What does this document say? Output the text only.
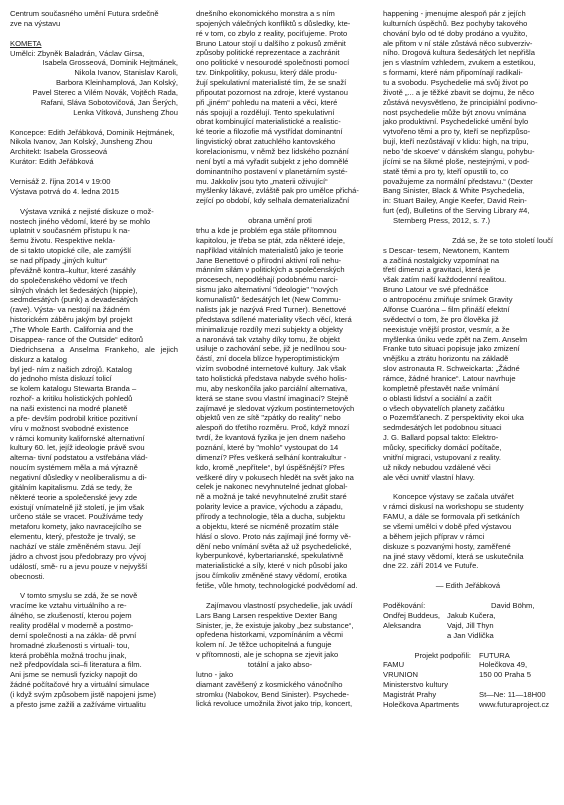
Centrum současného umění Futura srdečně

zve na výstavu

KOMETA

Umělci: Zbyněk Baladrán, Václav Girsa,

Isabela Grosseová, Dominik Hejtmánek,

Nikola Ivanov, Stanislav Karoli,

Barbora Kleinhamplová, Jan Kolský,

Pavel Sterec a Vilém Novák, Vojtěch Rada,

Rafani, Sláva Sobotovičová, Jan Šerých,

Lenka Vítková, Junsheng Zhou

Koncepce: Edith Jeřábková, Dominik Hejtmánek,

Nikola Ivanov, Jan Kolský, Junsheng Zhou

Architekt: Isabela Grosseová

Kurátor: Edith Jeřábková

Vernisáž 2. října 2014 v 19:00

Výstava potrvá do 4. ledna 2015

Výstava vzniká z nejisté diskuze o mož-

nostech jiného vědomí, které by se mohlo

uplatnit v současném přístupu k na-

šemu životu. Respektive nekla-

de si takto utopické cíle, ale zamýšlí

se nad případy „jiných kultur“

převážně kontra–kultur, které zasáhly

do společenského vědomí ve třech

silných vlnách let šedesátých (hippie),

sedmdesátých (punk) a devadesátých

(rave). Výsta- va nestojí na žádném

historickém záběru jakým byl projekt

„The Whole Earth. California and the

Disappea- rance of the Outside“ editorů

Diedrichsena a Anselma Frankeho, ale jejich diskurz a katalog

byl jed- ním z našich zdrojů. Katalog

do jednoho místa diskuzí tolicí

se kolem katalogu Stewarta Branda –

rozhoř- a kritiku holistických pohledů

na naši existenci na modré planetě

a pře- devším podrobil kritice pozitivní

víru v možnost svobodné existence

v rámci komunity kalifornské alternativní

kultury 60. let, jejíž ideologie právě svou

alterna- tivní podstatou a vstřebána vlád-

noucím systémem měla a má výrazně

negativní důsledky v neoliberalismu a di-

gitálním kapitalismu. Zdá se tedy, že

některé teorie a společenské jevy zde

existují vnímatelně již století, je jim však

určeno stále se vracet. Používáme tedy

metaforu komety, jako navracejícího se

elementu, který, přestože je trvalý, se

nachází ve stále změněném stavu. Její

jádro a chvost jsou předobrazy pro vývoj

událostí, smě- ru a jevu pouze v nejvyšší

obecnosti.

V tomto smyslu se zdá, že se nově

vracíme ke vztahu virtuálního a re-

álného, se zkušeností, kterou pojem

reality prodělal v moderně a postmo-

derní společnosti a na zákla- dě první

hromadné zkušenosti s virtuali- tou,

která proběhla možná trochu jinak,

než předpovídala sci–fi literatura a film.

Ani jsme se nemusli fyzicky napojit do

žádné počítačové hry a virtuální simulace

(i když svým způsobem jistě napojeni jsme)

a přesto jsme zažili a zažíváme virtualitu

dnešního ekonomického monstra a s ním

spojených válečných konfliktů s důsledky, kte-

ré v tom, co zbylo z reality, pociťujeme. Proto

Bruno Latour stojí u dalšího z pokusů změnit

způsoby politické reprezentace a zachránit

ono politické v nesourodé společnosti pomocí

tzv. Dinkpolitiky, pokusu, který dále produ-

žují spekulativní materialisté tím, že se snaží

připoutat pozornost na zdroje, které vystanou

při „jiném“ pohledu na materii a věci, které

nás spojují a rozdělují. Tento spekulativní

obrat kombinující materialistické a realistic-

ké teorie a filozofie má vystřídat dominantní

lingvistický obrat zatuchlého kantovského

korelacionismu, v němž bez lidského poznání

není bytí a má vyřadit subjekt z jeho domnělé

dominantního postavení v planetárním systé-

mu. Jakkoliv jsou tyto „materii oživující“

myšlenky lákavé, zvláště pak pro umělce přichá-

zející po období, kdy selhala dematerializační

obrana umění proti

trhu a kde je problém ega stále přítomnou

kapitolou, je třeba se ptát, zda některé ideje,

například vitálních materialistů jako je teorie

Jane Benettové o přírodní aktivní roli nehu-

mánním silám v politických a společenských

procesech, nepodléhají podobnému narci-

sismu jako alternativní "ideologie" "nových

komunalistů" šedesátých let (New Commu-

nalists jak je nazývá Fred Turner). Benettové

představa sdílené materiality všech věcí, která

minimalizuje rozdíly mezi subjekty a objekty

a naronává tak vztahy díky tomu, že objekt

usiluje o zachování sebe, již je nedílnou sou-

částí, zní docela blízce hyperoptimistickým

vizím svobodné internetové kultury. Jak však

tato holistická představa nabyde svého holis-

mu, aby neskončila jako parciální alternativa,

která se stane svou vlastní imaginací? Stejně

zajímavé je sledovat výzkum postinternetových

objektů ven ze sítě "zpátky do reality" nebo

alespoň do třetího rozměru. Proč, když mnozí

tvrdí, že kvantová fyzika je jen dnem našeho

poznání, které by "mohlo" vystoupat do 14

dimenzí? Přes veškerá selhání kontrakultur -

kdo, kromě „nepřítele“, byl úspěšnější? Přes

veškeré díry v pokusech hledět na svět jako na

celek je nakonec nevyhnutelné jednat global-

ně a možná je také nevyhnutelné zrušit staré

polarity levice a pravice, východu a západu,

přírody a technologie, těla a ducha, subjektu

a objektu, které se nicméně prozatím stále

hlásí o slovo. Proto nás zajímají jiné formy vě-

dění nebo vnímání světa až už psychedelické,

kyberpunkové, kybertarianské, spekulativně

materialistické a síly, které v nich působí jako

jsou čímkoliv změněné stavy vědomí, erotika

fetiše, vůle hmoty, technologické podvědomí ad.

Zajímavou vlastností psychedelie, jak uvádí

Lars Bang Larsen respektive Dexter Bang

Sinister, je, že existuje jakoby „bez substance“,

opředena historkami, vzpomínáním a věcmi

kolem ní. Je těžce uchopitelná a funguje

v přítomnosti, ale je schopna se zjevit jako

totální a jako abso-

lutno - jako

diamant zavěšený z kosmického vánočního

stromku (Nabokov, Bend Sinister). Psychede-

lická revoluce umožnila život jako trip, koncert,

happening - jmenujme alespoň pár z jejích

kulturních úspěchů. Bez pochyby takového

chování bylo od té doby prodáno a využito,

ale přitom v ní stále zůstává něco subverziv-

ního. Drogová kultura šedesátých let nepřišla

jen s vlastním vzhledem, zvukem a estetikou,

s formami, které nám připomínají radikali-

tu a svobodu. Psychedelie má svůj život po

životě „... a je těžké zbavit se dojmu, že něco

zůstává nevysvětleno, že principiální podivno-

nost psychedelie může být znovu vnímána

jako produktivní. Psychedelické umění bylo

vytvořeno těmi a pro ty, kteří se nepřizpůso-

bují, kteří nezůstávají v klidu: high, na tripu,

nebo 'de skoeve' v dánském slangu, pohybu-

jícími se na šikmé ploše, nestejnými, v pod-

statě těmi a pro ty, kteří opustili to, co

považujeme za normální představu.“ (Dexter

Bang Sinister, Black & White Psychedelia,

in: Stuart Bailey, Angie Keefer, David Rein-

furt (ed), Bulletins of the Serving Library #4,

Sternberg Press, 2012, s. 7.)

Zdá se, že se toto století loučí

s Descar- tesem, Newtonem, Kantem

a začíná nostalgicky vzpomínat na

třetí dimenzi a gravitaci, která je

však zatím naší každodenní realitou.

Bruno Latour ve své přednášce

o antropocénu zmiňuje snímek Gravity

Alfonse Cuaróna – film přináší efektní

svědectví o tom, že pro člověka již

neexistuje vnější prostor, vesmír, a že

myšlenka úniku vede zpět na Zem. Anselm

Franke tuto situaci popisuje jako zmizení

vnějšku a ztrátu horizontu na základě

slov astronauta R. Schweickarta: „Žádné

rámce, žádné hranice“. Latour navrhuje

kompletně přestavět naše vnímání

o oblasti lidství a sociální a začít

o všech obyvatelích planety začátku

o Pozemšťanech. Z perspektivity ekoi uka

sedmdesátých let podobnou situaci

J. G. Ballard popsal takto: Elektro-

můcky, specificky domácí počítače,

vnitřní migraci, vstupovaní z reality.

už nikdy nebudou vzdálené věci

ale věci uvnitř vlastní hlavy.

Koncepce výstavy se začala utvářet

v rámci diskusí na workshopu se studenty

FAMU, a dále se formovala při setkáních

se všemi umělci v době před výstavou

a během jejich příprav v rámci

diskuze s pozvanými hosty, zaměřené

na jiné stavy vědomí, která se uskutečnila

dne 22. září 2014 ve Futuře.

— Edith Jeřábková

Poděkování:	David Böhm,
Ondřej Buddeus, Jakub Kučera,
Aleksandra	Vajd, Jill Thyn
a Jan Vidlička

Projekt podpořili:

FAMU

VRUNION

Ministerstvo kultury

Magistrát Prahy

Holečkova Apartments

FUTURA

Holečkova 49,

150 00 Praha 5

St—Ne: 11—18H00

www.futuraproject.cz
